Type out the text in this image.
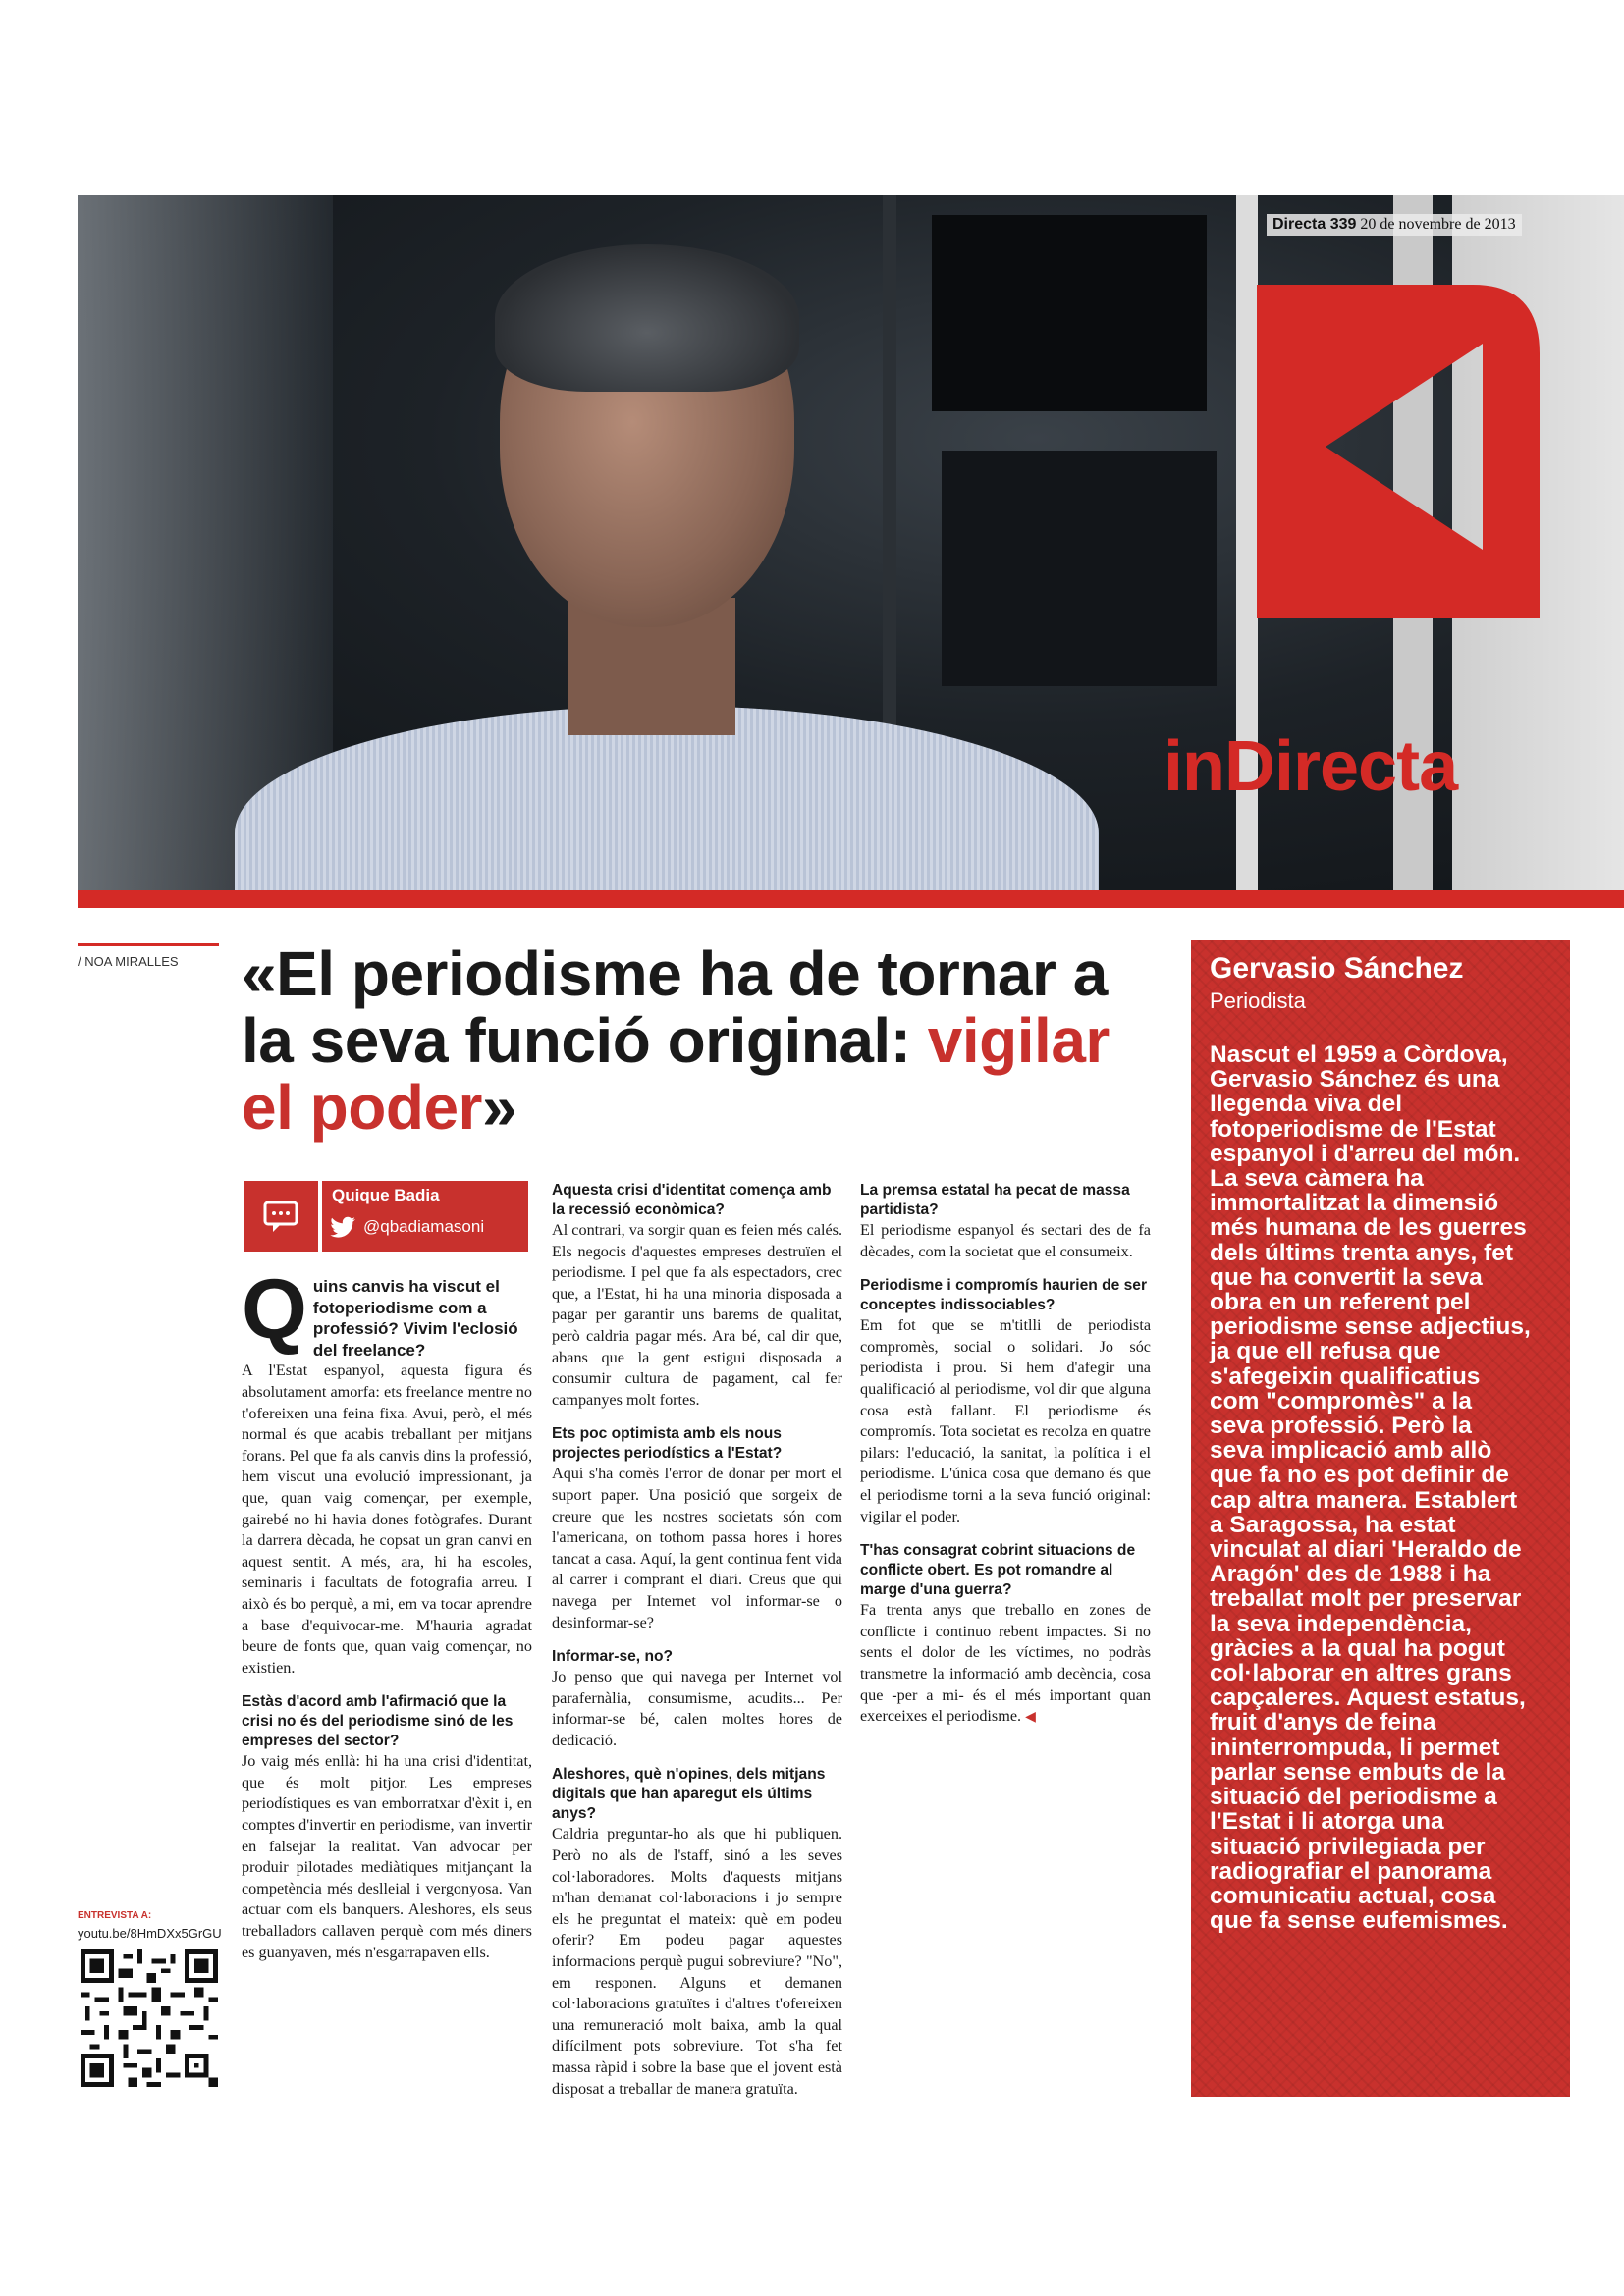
Directa 339 20 de novembre de 2013
inDirecta
/ NOA MIRALLES «El periodisme ha de tornar a la seva funció original: vigilar el poder»
Quique Badia
@qbadiamasoni

Quins canvis ha viscut el fotoperiodisme com a professió? Vivim l'eclosió del freelance?

A l'Estat espanyol, aquesta figura és absolutament amorfa: ets freelance mentre no t'ofereixen una feina fixa. Avui, però, el més normal és que acabis treballant per mitjans forans. Pel que fa als canvis dins la professió, hem viscut una evolució impressionant, ja que, quan vaig començar, per exemple, gairebé no hi havia dones fotògrafes. Durant la darrera dècada, he copsat un gran canvi en aquest sentit. A més, ara, hi ha escoles, seminaris i facultats de fotografia arreu. I això és bo perquè, a mi, em va tocar aprendre a base d'equivocar-me. M'hauria agradat beure de fonts que, quan vaig començar, no existien.

Estàs d'acord amb l'afirmació que la crisi no és del periodisme sinó de les empreses del sector?

Jo vaig més enllà: hi ha una crisi d'identitat, que és molt pitjor. Les empreses periodístiques es van emborratxar d'èxit i, en comptes d'invertir en periodisme, van invertir en falsejar la realitat. Van advocar per produir pilotades mediàtiques mitjançant la competència més deslleial i vergonyosa. Van actuar com els banquers. Aleshores, els seus treballadors callaven perquè com més diners es guanyaven, més n'esgarrapaven ells.

Aquesta crisi d'identitat comença amb la recessió econòmica?

Al contrari, va sorgir quan es feien més calés. Els negocis d'aquestes empreses destruïen el periodisme. I pel que fa als espectadors, crec que, a l'Estat, hi ha una minoria disposada a pagar per garantir uns barems de qualitat, però caldria pagar més. Ara bé, cal dir que, abans que la gent estigui disposada a consumir cultura de pagament, cal fer campanyes molt fortes.

Ets poc optimista amb els nous projectes periodístics a l'Estat?

Aquí s'ha comès l'error de donar per mort el suport paper. Una posició que sorgeix de creure que les nostres societats són com l'americana, on tothom passa hores i hores tancat a casa. Aquí, la gent continua fent vida al carrer i comprant el diari. Creus que qui navega per Internet vol informar-se o desinformar-se?

Informar-se, no?

Jo penso que qui navega per Internet vol parafernàlia, consumisme, acudits... Per informar-se bé, calen moltes hores de dedicació.

Aleshores, què n'opines, dels mitjans digitals que han aparegut els últims anys?

Caldria preguntar-ho als que hi publiquen. Però no als de l'staff, sinó a les seves col·laboradores. Molts d'aquests mitjans m'han demanat col·laboracions i jo sempre els he preguntat el mateix: què em podeu oferir? Em podeu pagar aquestes informacions perquè pugui sobreviure? "No", em responen. Alguns et demanen col·laboracions gratuïtes i d'altres t'ofereixen una remuneració molt baixa, amb la qual difícilment pots sobreviure. Tot s'ha fet massa ràpid i sobre la base que el jovent està disposat a treballar de manera gratuïta.

La premsa estatal ha pecat de massa partidista?

El periodisme espanyol és sectari des de fa dècades, com la societat que el consumeix.

Periodisme i compromís haurien de ser conceptes indissociables?

Em fot que se m'titlli de periodista compromès, social o solidari. Jo sóc periodista i prou. Si hem d'afegir una qualificació al periodisme, vol dir que alguna cosa està fallant. El periodisme és compromís. Tota societat es recolza en quatre pilars: l'educació, la sanitat, la política i el periodisme. L'única cosa que demano és que el periodisme torni a la seva funció original: vigilar el poder.

T'has consagrat cobrint situacions de conflicte obert. Es pot romandre al marge d'una guerra?

Fa trenta anys que treballo en zones de conflicte i continuo rebent impactes. Si no sents el dolor de les víctimes, no podràs transmetre la informació amb decència, cosa que -per a mi- és el més important quan exerceixes el periodisme. ◀

ENTREVISTA A:
youtu.be/8HmDXx5GrGU
Gervasio Sánchez
Periodista

Nascut el 1959 a Còrdova, Gervasio Sánchez és una llegenda viva del fotoperiodisme de l'Estat espanyol i d'arreu del món. La seva càmera ha immortalitzat la dimensió més humana de les guerres dels últims trenta anys, fet que ha convertit la seva obra en un referent pel periodisme sense adjectius, ja que ell refusa que s'afegeixin qualificatius com "compromès" a la seva professió. Però la seva implicació amb allò que fa no es pot definir de cap altra manera. Establert a Saragossa, ha estat vinculat al diari 'Heraldo de Aragón' des de 1988 i ha treballat molt per preservar la seva independència, gràcies a la qual ha pogut col·laborar en altres grans capçaleres. Aquest estatus, fruit d'anys de feina ininterrompuda, li permet parlar sense embuts de la situació del periodisme a l'Estat i li atorga una situació privilegiada per radiografiar el panorama comunicatiu actual, cosa que fa sense eufemismes.
